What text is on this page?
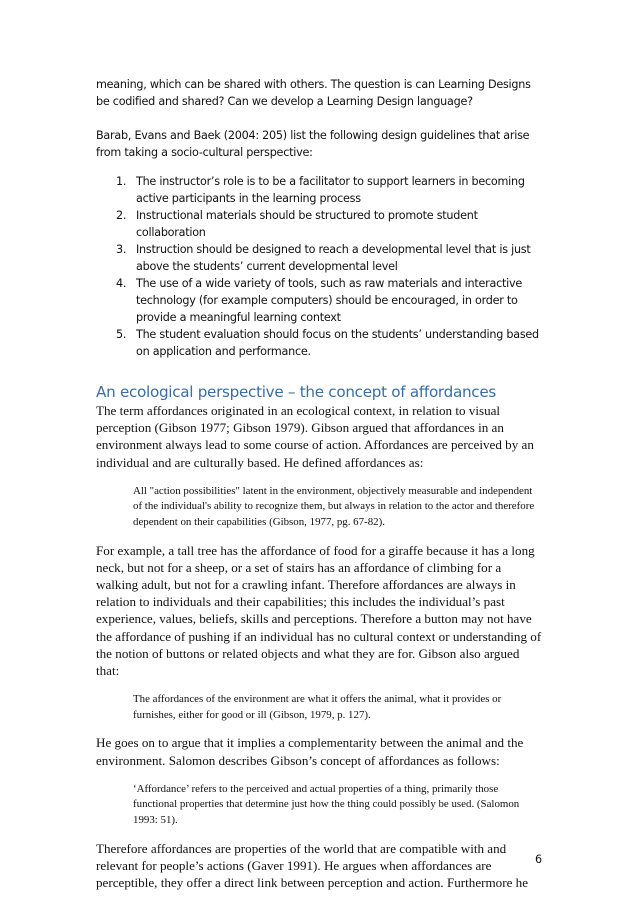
meaning, which can be shared with others. The question is can Learning Designs be codified and shared? Can we develop a Learning Design language?

Barab, Evans and Baek (2004: 205) list the following design guidelines that arise from taking a socio-cultural perspective:

1. The instructor’s role is to be a facilitator to support learners in becoming active participants in the learning process
2. Instructional materials should be structured to promote student collaboration
3. Instruction should be designed to reach a developmental level that is just above the students’ current developmental level
4. The use of a wide variety of tools, such as raw materials and interactive technology (for example computers) should be encouraged, in order to provide a meaningful learning context
5. The student evaluation should focus on the students’ understanding based on application and performance.
An ecological perspective – the concept of affordances

The term affordances originated in an ecological context, in relation to visual perception (Gibson 1977; Gibson 1979). Gibson argued that affordances in an environment always lead to some course of action. Affordances are perceived by an individual and are culturally based. He defined affordances as:

All "action possibilities" latent in the environment, objectively measurable and independent of the individual's ability to recognize them, but always in relation to the actor and therefore dependent on their capabilities (Gibson, 1977, pg. 67-82).

For example, a tall tree has the affordance of food for a giraffe because it has a long neck, but not for a sheep, or a set of stairs has an affordance of climbing for a walking adult, but not for a crawling infant. Therefore affordances are always in relation to individuals and their capabilities; this includes the individual’s past experience, values, beliefs, skills and perceptions. Therefore a button may not have the affordance of pushing if an individual has no cultural context or understanding of the notion of buttons or related objects and what they are for. Gibson also argued that:

The affordances of the environment are what it offers the animal, what it provides or furnishes, either for good or ill (Gibson, 1979, p. 127).

He goes on to argue that it implies a complementarity between the animal and the environment. Salomon describes Gibson’s concept of affordances as follows:

‘Affordance’ refers to the perceived and actual properties of a thing, primarily those functional properties that determine just how the thing could possibly be used. (Salomon 1993: 51).

Therefore affordances are properties of the world that are compatible with and relevant for people’s actions (Gaver 1991). He argues when affordances are perceptible, they offer a direct link between perception and action. Furthermore he

6
